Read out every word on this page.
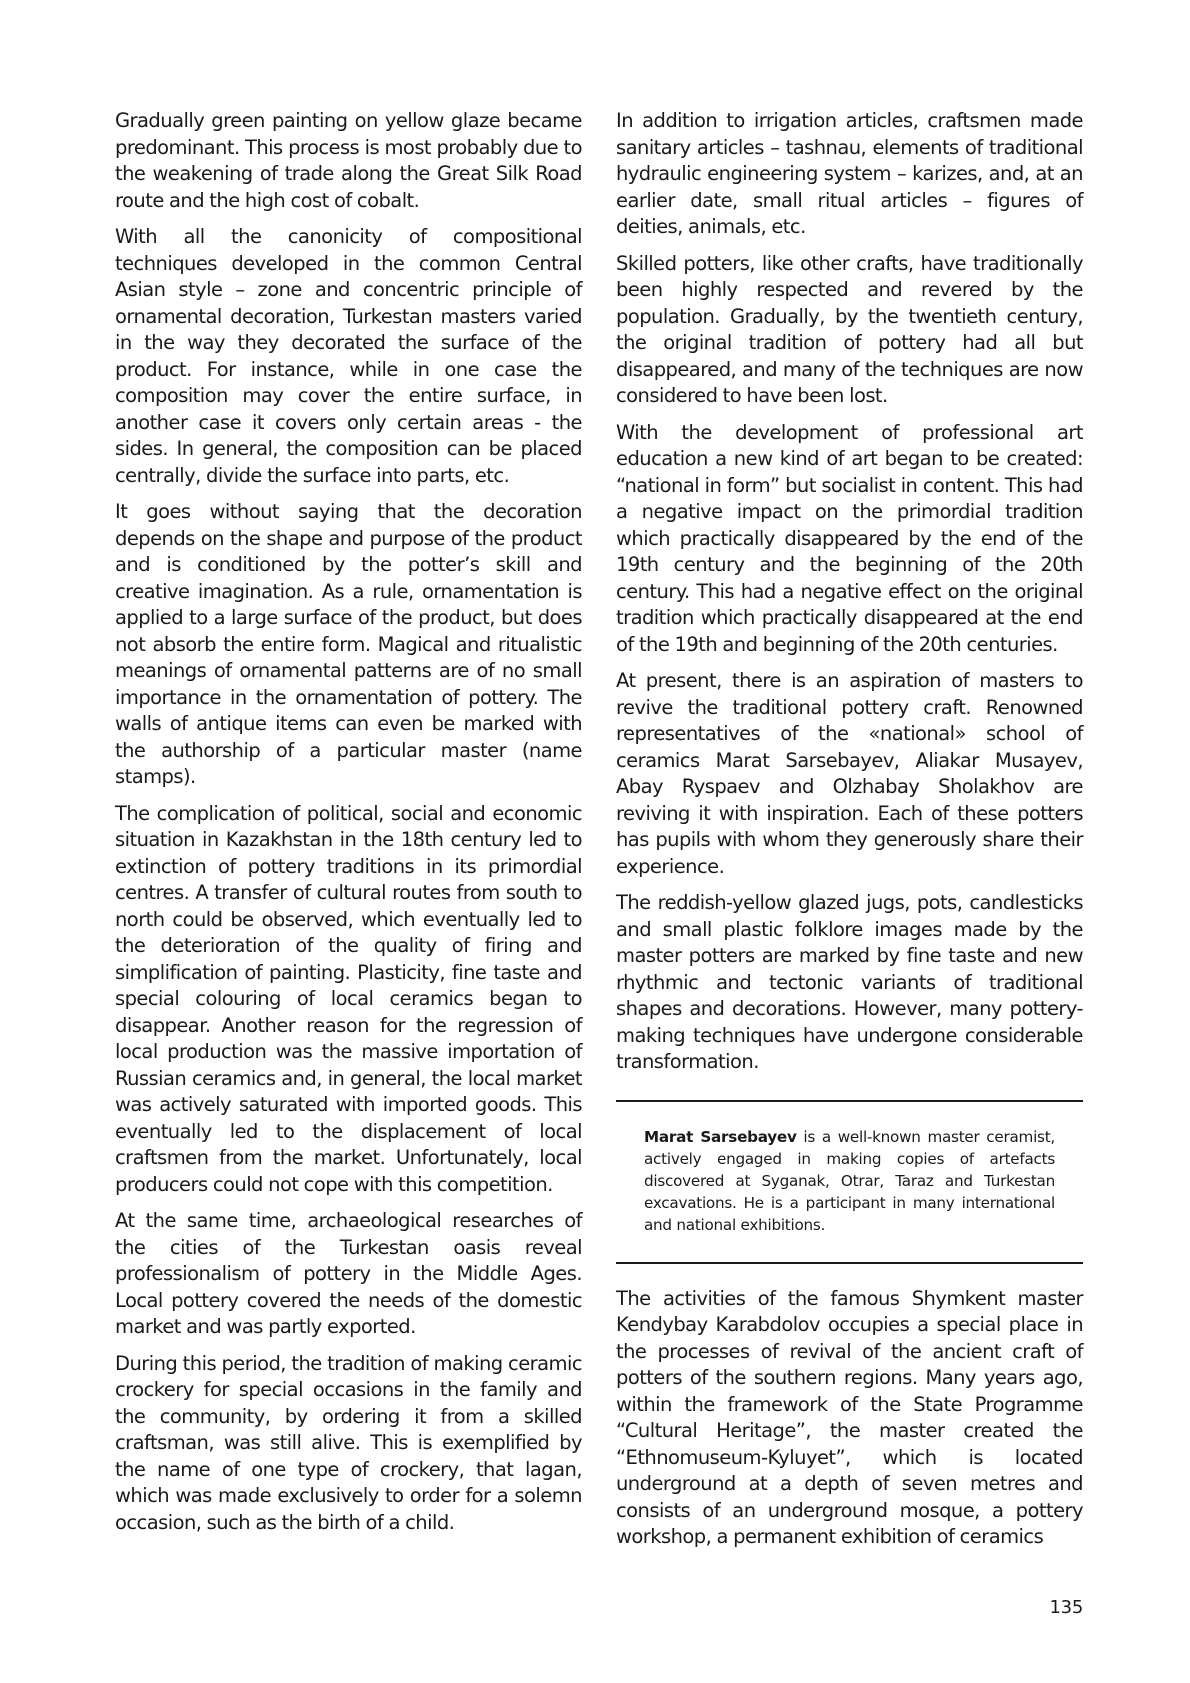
Gradually green painting on yellow glaze became predominant. This process is most probably due to the weakening of trade along the Great Silk Road route and the high cost of cobalt.

With all the canonicity of compositional techniques developed in the common Central Asian style – zone and concentric principle of ornamental decoration, Turkestan masters varied in the way they decorated the surface of the product. For instance, while in one case the composition may cover the entire surface, in another case it covers only certain areas - the sides. In general, the composition can be placed centrally, divide the surface into parts, etc.

It goes without saying that the decoration depends on the shape and purpose of the product and is conditioned by the potter’s skill and creative imagination. As a rule, ornamentation is applied to a large surface of the product, but does not absorb the entire form. Magical and ritualistic meanings of ornamental patterns are of no small importance in the ornamentation of pottery. The walls of antique items can even be marked with the authorship of a particular master (name stamps).

The complication of political, social and economic situation in Kazakhstan in the 18th century led to extinction of pottery traditions in its primordial centres. A transfer of cultural routes from south to north could be observed, which eventually led to the deterioration of the quality of firing and simplification of painting. Plasticity, fine taste and special colouring of local ceramics began to disappear. Another reason for the regression of local production was the massive importation of Russian ceramics and, in general, the local market was actively saturated with imported goods. This eventually led to the displacement of local craftsmen from the market. Unfortunately, local producers could not cope with this competition.

At the same time, archaeological researches of the cities of the Turkestan oasis reveal professionalism of pottery in the Middle Ages. Local pottery covered the needs of the domestic market and was partly exported.

During this period, the tradition of making ceramic crockery for special occasions in the family and the community, by ordering it from a skilled craftsman, was still alive. This is exemplified by the name of one type of crockery, that lagan, which was made exclusively to order for a solemn occasion, such as the birth of a child.

In addition to irrigation articles, craftsmen made sanitary articles – tashnau, elements of traditional hydraulic engineering system – karizes, and, at an earlier date, small ritual articles – figures of deities, animals, etc.

Skilled potters, like other crafts, have traditionally been highly respected and revered by the population. Gradually, by the twentieth century, the original tradition of pottery had all but disappeared, and many of the techniques are now considered to have been lost.

With the development of professional art education a new kind of art began to be created: “national in form” but socialist in content. This had a negative impact on the primordial tradition which practically disappeared by the end of the 19th century and the beginning of the 20th century. This had a negative effect on the original tradition which practically disappeared at the end of the 19th and beginning of the 20th centuries.

At present, there is an aspiration of masters to revive the traditional pottery craft. Renowned representatives of the «national» school of ceramics Marat Sarsebayev, Aliakar Musayev, Abay Ryspaev and Olzhabay Sholakhov are reviving it with inspiration. Each of these potters has pupils with whom they generously share their experience.

The reddish-yellow glazed jugs, pots, candlesticks and small plastic folklore images made by the master potters are marked by fine taste and new rhythmic and tectonic variants of traditional shapes and decorations. However, many pottery-making techniques have undergone considerable transformation.

Marat Sarsebayev is a well-known master ceramist, actively engaged in making copies of artefacts discovered at Syganak, Otrar, Taraz and Turkestan excavations. He is a participant in many international and national exhibitions.

The activities of the famous Shymkent master Kendybay Karabdolov occupies a special place in the processes of revival of the ancient craft of potters of the southern regions. Many years ago, within the framework of the State Programme “Cultural Heritage”, the master created the “Ethnomuseum-Kyluyet”, which is located underground at a depth of seven metres and consists of an underground mosque, a pottery workshop, a permanent exhibition of ceramics

135
